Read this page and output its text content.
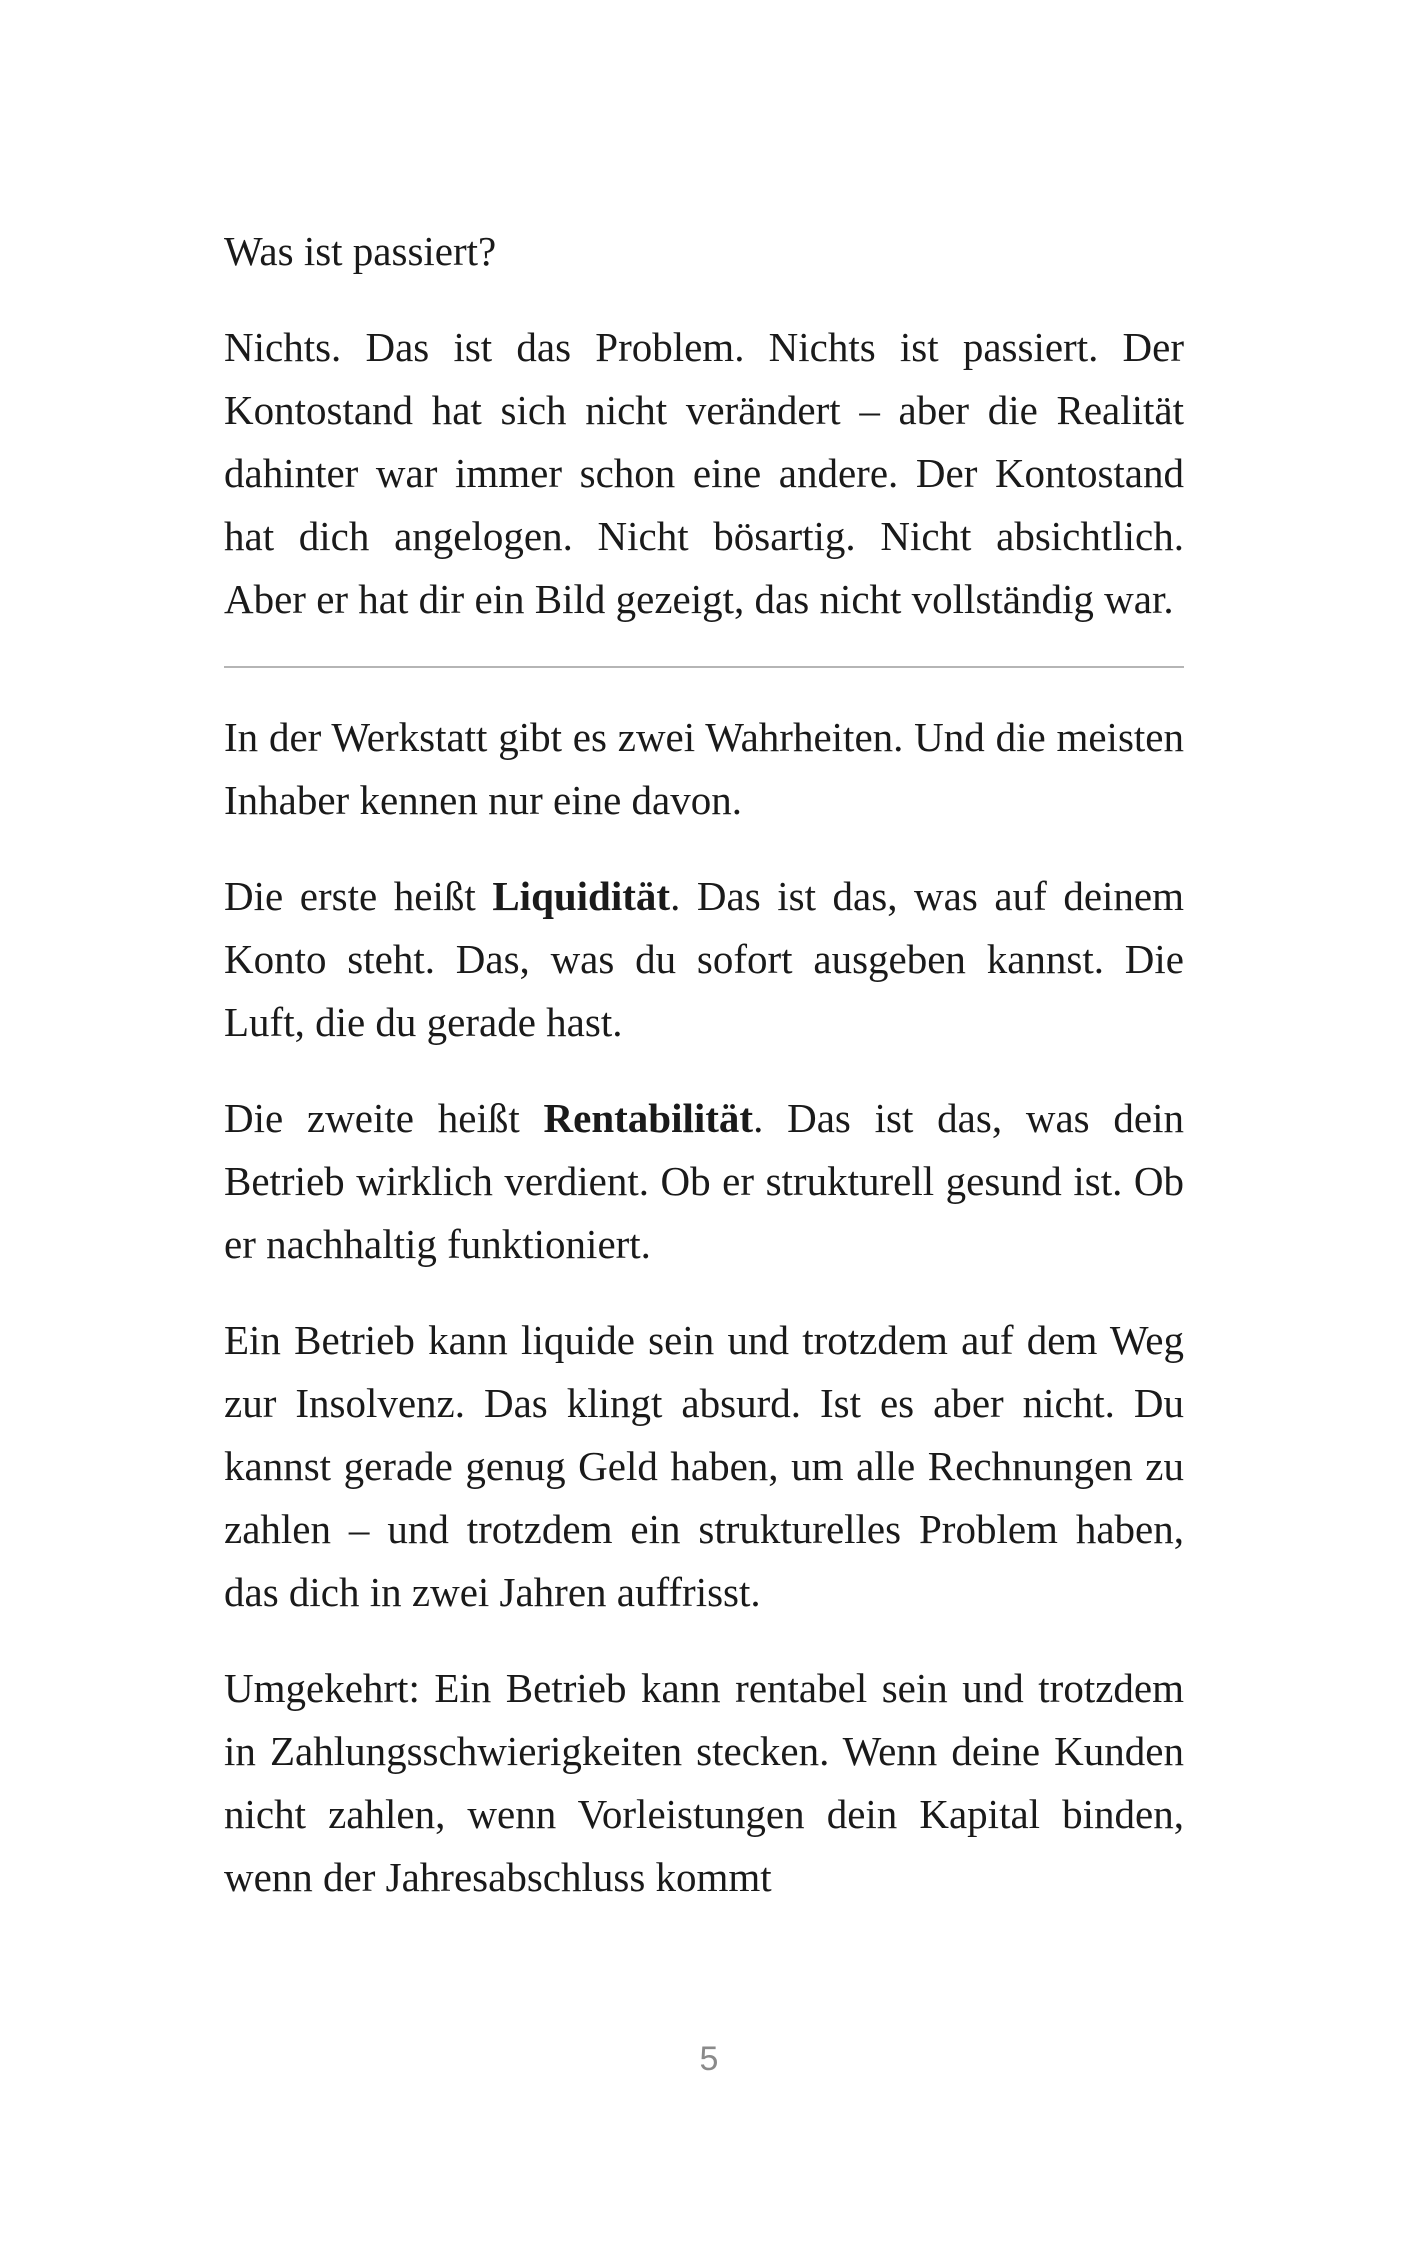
Was ist passiert?

Nichts. Das ist das Problem. Nichts ist passiert. Der Kontostand hat sich nicht verändert – aber die Realität dahinter war immer schon eine andere. Der Kontostand hat dich angelogen. Nicht bösartig. Nicht absichtlich. Aber er hat dir ein Bild gezeigt, das nicht vollständig war.

In der Werkstatt gibt es zwei Wahrheiten. Und die meisten Inhaber kennen nur eine davon.

Die erste heißt Liquidität. Das ist das, was auf deinem Konto steht. Das, was du sofort ausgeben kannst. Die Luft, die du gerade hast.

Die zweite heißt Rentabilität. Das ist das, was dein Betrieb wirklich verdient. Ob er strukturell gesund ist. Ob er nachhaltig funktioniert.

Ein Betrieb kann liquide sein und trotzdem auf dem Weg zur Insolvenz. Das klingt absurd. Ist es aber nicht. Du kannst gerade genug Geld haben, um alle Rechnungen zu zahlen – und trotzdem ein strukturelles Problem haben, das dich in zwei Jahren auffrisst.

Umgekehrt: Ein Betrieb kann rentabel sein und trotzdem in Zahlungsschwierigkeiten stecken. Wenn deine Kunden nicht zahlen, wenn Vorleistungen dein Kapital binden, wenn der Jahresabschluss kommt

5
